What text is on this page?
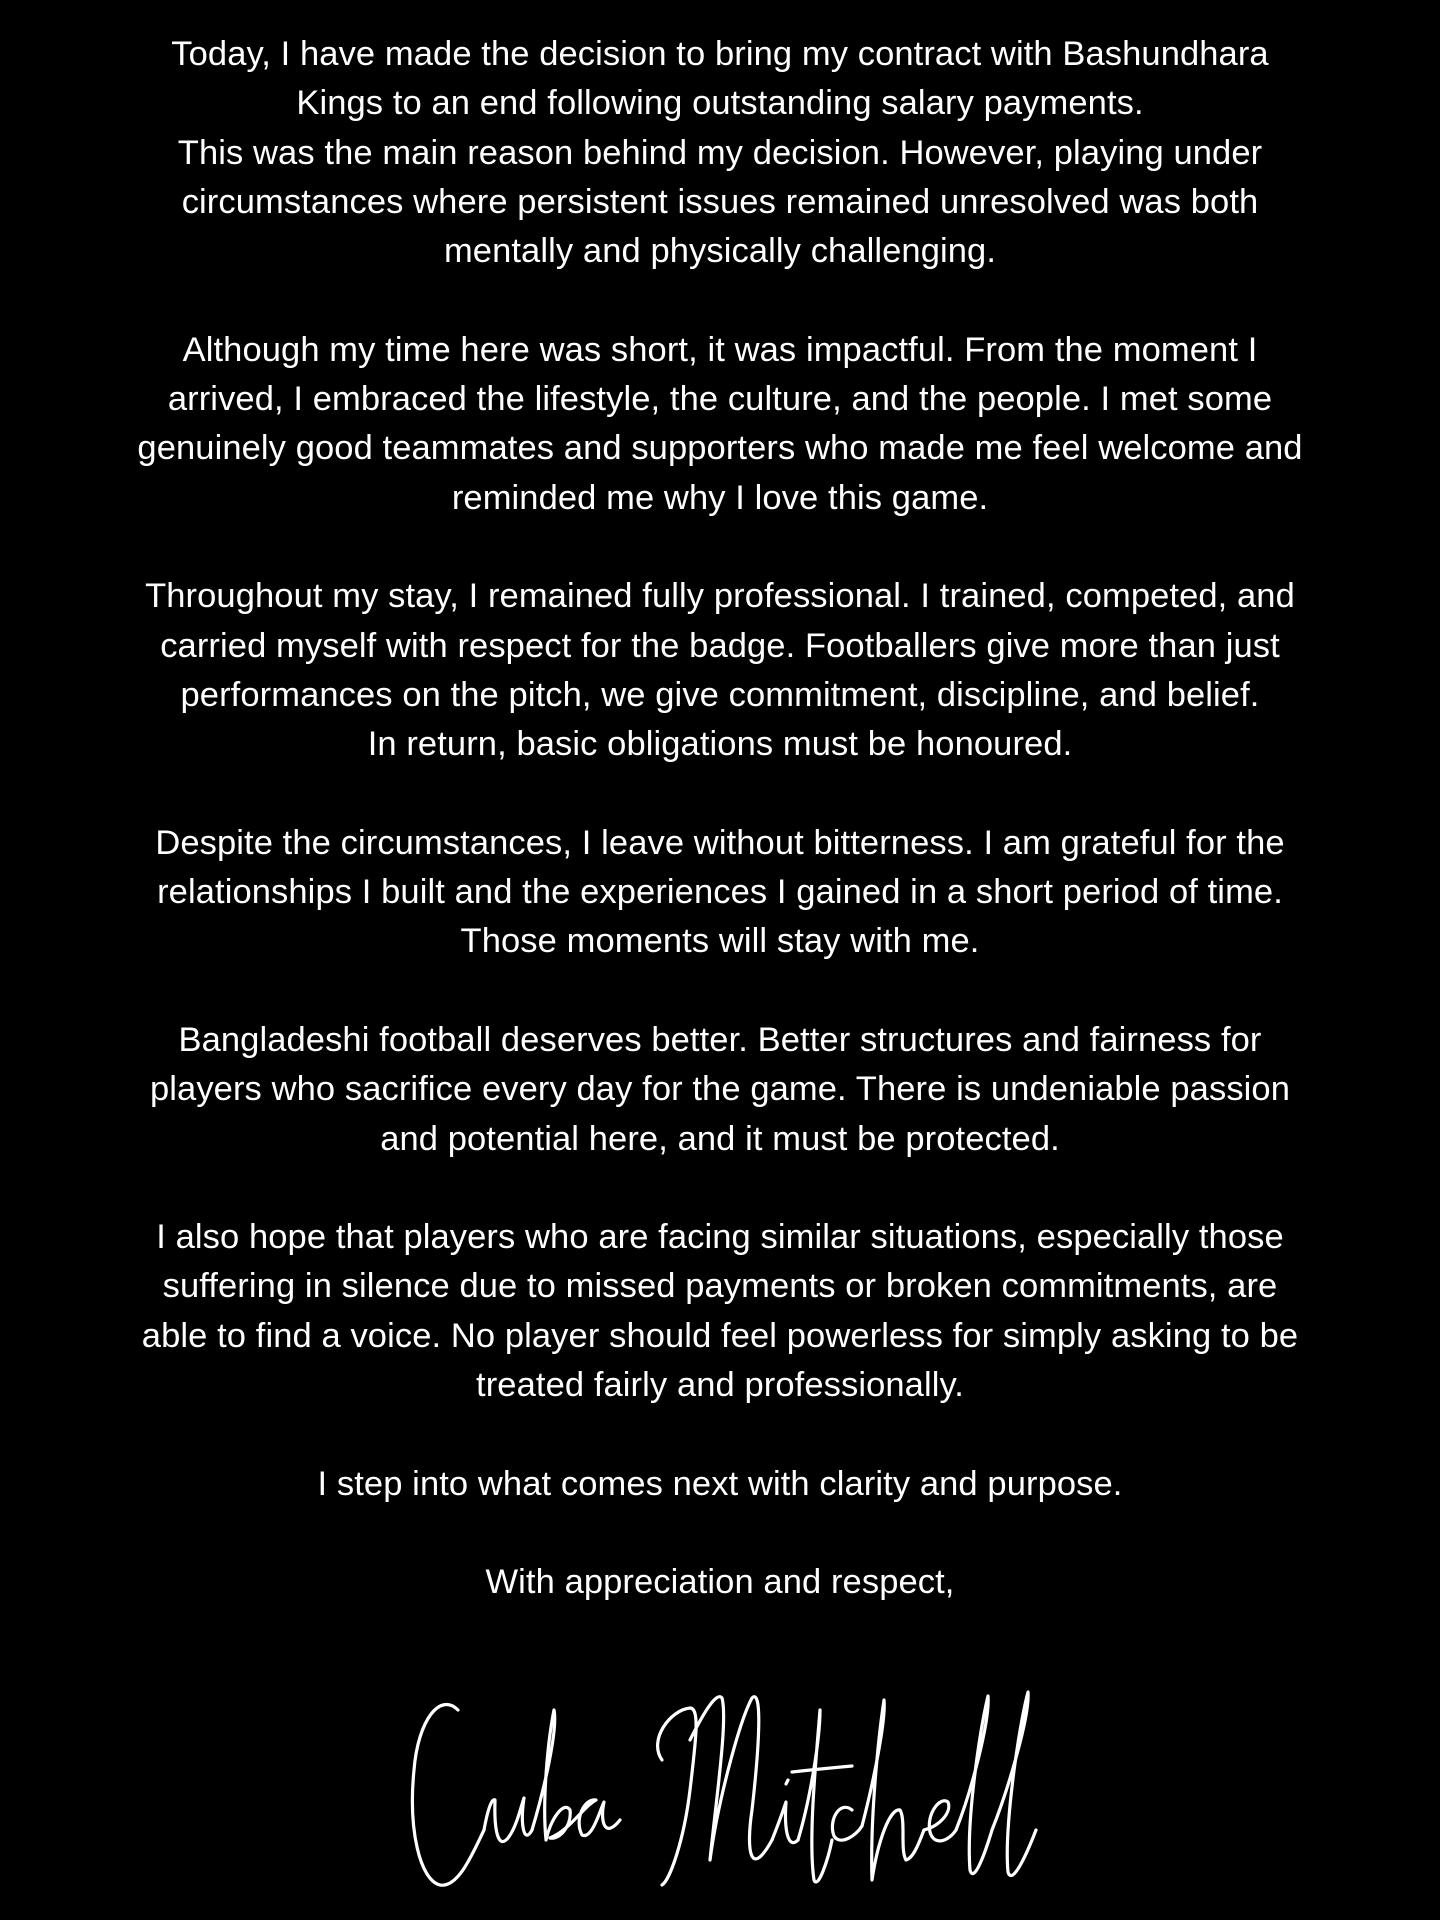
Today, I have made the decision to bring my contract with Bashundhara
Kings to an end following outstanding salary payments.
This was the main reason behind my decision. However, playing under
circumstances where persistent issues remained unresolved was both
mentally and physically challenging.

Although my time here was short, it was impactful. From the moment I
arrived, I embraced the lifestyle, the culture, and the people. I met some
genuinely good teammates and supporters who made me feel welcome and
reminded me why I love this game.

Throughout my stay, I remained fully professional. I trained, competed, and
carried myself with respect for the badge. Footballers give more than just
performances on the pitch, we give commitment, discipline, and belief.
In return, basic obligations must be honoured.

Despite the circumstances, I leave without bitterness. I am grateful for the
relationships I built and the experiences I gained in a short period of time.
Those moments will stay with me.

Bangladeshi football deserves better. Better structures and fairness for
players who sacrifice every day for the game. There is undeniable passion
and potential here, and it must be protected.

I also hope that players who are facing similar situations, especially those
suffering in silence due to missed payments or broken commitments, are
able to find a voice. No player should feel powerless for simply asking to be
treated fairly and professionally.

I step into what comes next with clarity and purpose.

With appreciation and respect,
